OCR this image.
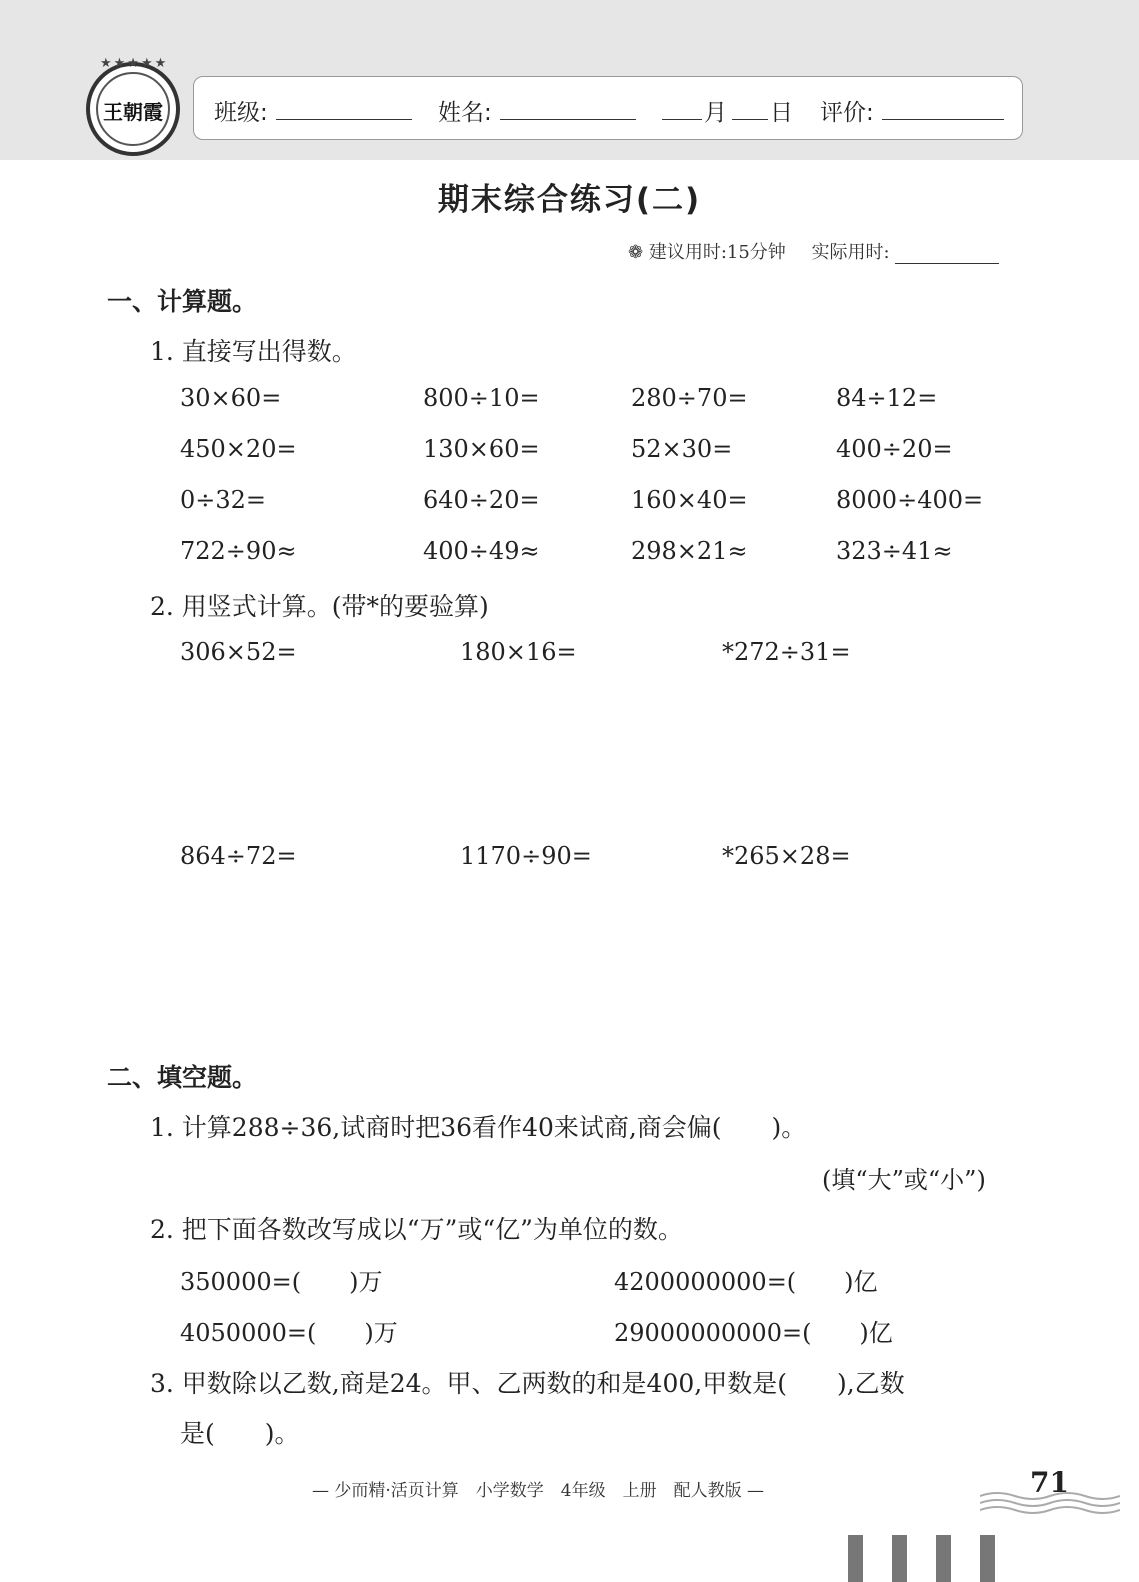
★★★★★
王朝霞	班级:	姓名:	月 日 评价:
期末综合练习(二)
❁ 建议用时:15分钟 实际用时:
一、计算题。
1. 直接写出得数。
30×60=	800÷10=	280÷70=	84÷12=
450×20=	130×60=	52×30=	400÷20=
0÷32=	640÷20=	160×40=	8000÷400=
722÷90≈	400÷49≈	298×21≈	323÷41≈
2. 用竖式计算。(带*的要验算)
306×52=	180×16=	*272÷31=
864÷72=	1170÷90=	*265×28=
二、填空题。
1. 计算288÷36,试商时把36看作40来试商,商会偏(　　)。
(填“大”或“小”)
2. 把下面各数改写成以“万”或“亿”为单位的数。
350000=(　　)万	4200000000=(　　)亿
4050000=(　　)万	29000000000=(　　)亿
3. 甲数除以乙数,商是24。甲、乙两数的和是400,甲数是(　　),乙数
是(　　)。
— 少而精·活页计算　小学数学　4年级　上册　配人教版 —	71
